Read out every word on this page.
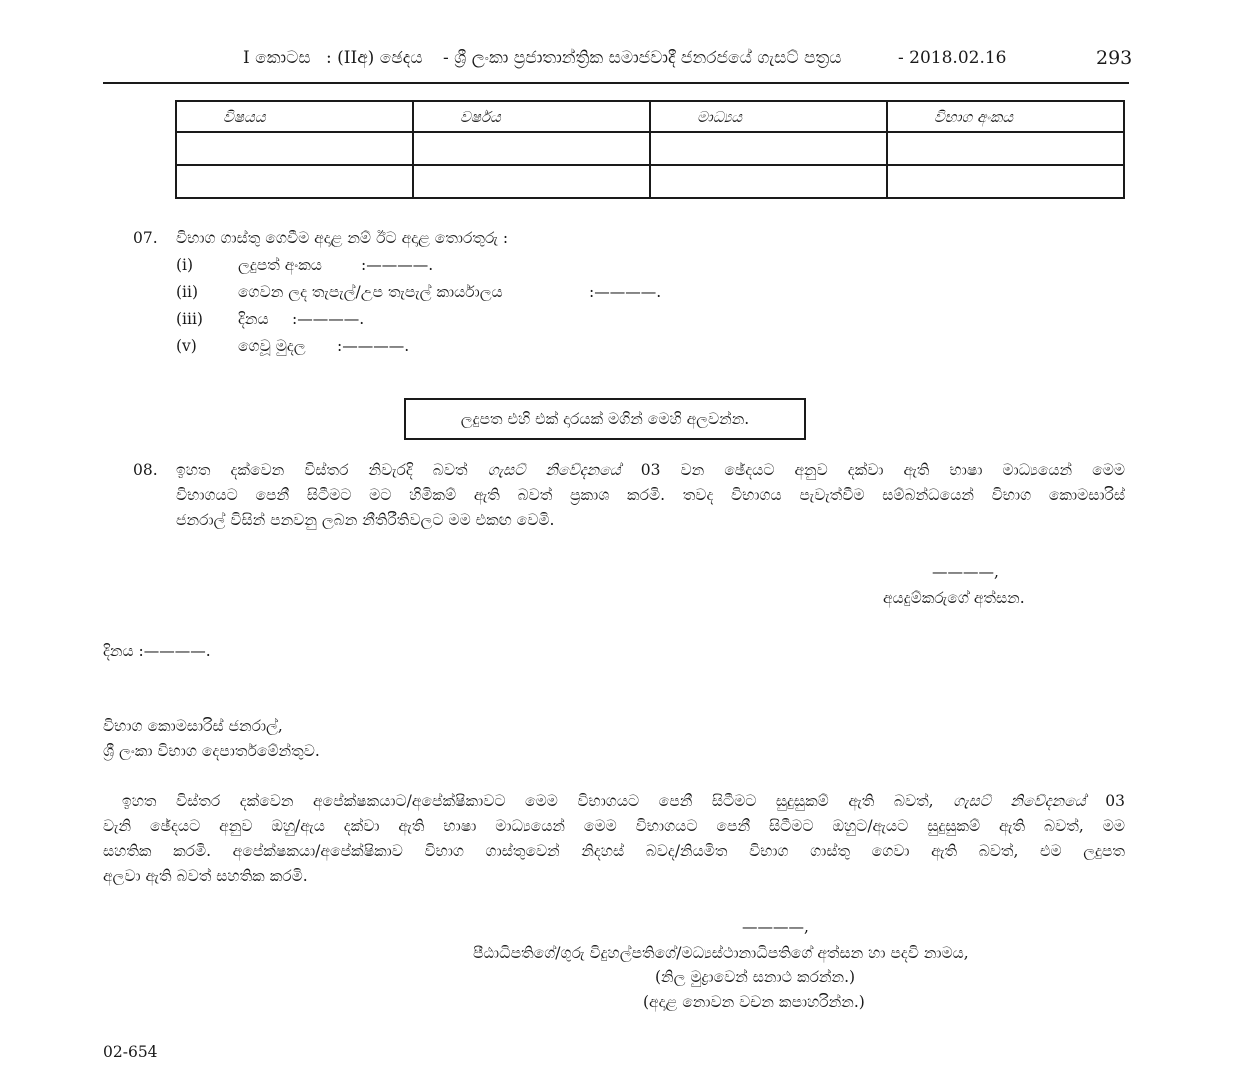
I කොටස : (IIඅ) ඡෙදය - ශ්‍රී ලංකා ප්‍රජාතාන්ත්‍රික සමාජවාදී ජනරජයේ ගැසට් පත්‍රය	- 2018.02.16	293
විෂයය	වර්ෂය	මාධ්‍යය	විභාග අංකය

07. විභාග ගාස්තු ගෙවීම අදාළ නම් ඊට අදාළ තොරතුරු :
(i)	ලදුපත් අංකය	:————.
(ii)	ගෙවන ලද තැපැල්/උප තැපැල් කාර්යාලය	:————.
(iii) දිනය :————.
(v)	ගෙවූ මුදල :————.
ලදුපත එහි එක් දාරයක් මගින් මෙහි අලවන්න.
08. ඉහත දක්වෙන විස්තර නිවැරදි බවත් ගැසට් නිවේදනයේ 03 වන ඡේදයට අනුව දක්වා ඇති භාෂා මාධ්‍යයෙන් මෙම
විභාගයට පෙනී සිටීමට මට හිමිකම් ඇති බවත් ප්‍රකාශ කරමි. තවද විභාගය පැවැත්වීම සම්බන්ධයෙන් විභාග කොමසාරිස්
ජනරාල් විසින් පනවනු ලබන නීතිරීතිවලට මම එකඟ වෙමි.
————,
අයදුම්කරුගේ අත්සන.
දිනය :————.
විභාග කොමසාරිස් ජනරාල්,
ශ්‍රී ලංකා විභාග දෙපාර්තමේන්තුව.
ඉහත විස්තර දක්වෙන අපේක්ෂකයාට/අපේක්ෂිකාවට මෙම විභාගයට පෙනී සිටීමට සුදුසුකම් ඇති බවත්, ගැසට් නිවේදනයේ 03
වැනි ඡේදයට අනුව ඔහු/ඇය දක්වා ඇති භාෂා මාධ්‍යයෙන් මෙම විභාගයට පෙනී සිටීමට ඔහුට/ඇයට සුදුසුකම් ඇති බවත්, මම
සහතික කරමි. අපේක්ෂකයා/අපේක්ෂිකාව විභාග ගාස්තුවෙන් නිදහස් බවද/නියමිත විභාග ගාස්තු ගෙවා ඇති බවත්, එම ලදුපත
අලවා ඇති බවත් සහතික කරමි.
————,
පීඨාධිපතිගේ/ගුරු විදුහල්පතිගේ/මධ්‍යස්ථානාධිපතිගේ අත්සන හා පදවි නාමය,
(නිල මුද්‍රාවෙන් සනාථ කරන්න.)
(අදාළ නොවන වචන කපාහරින්න.)
02-654
